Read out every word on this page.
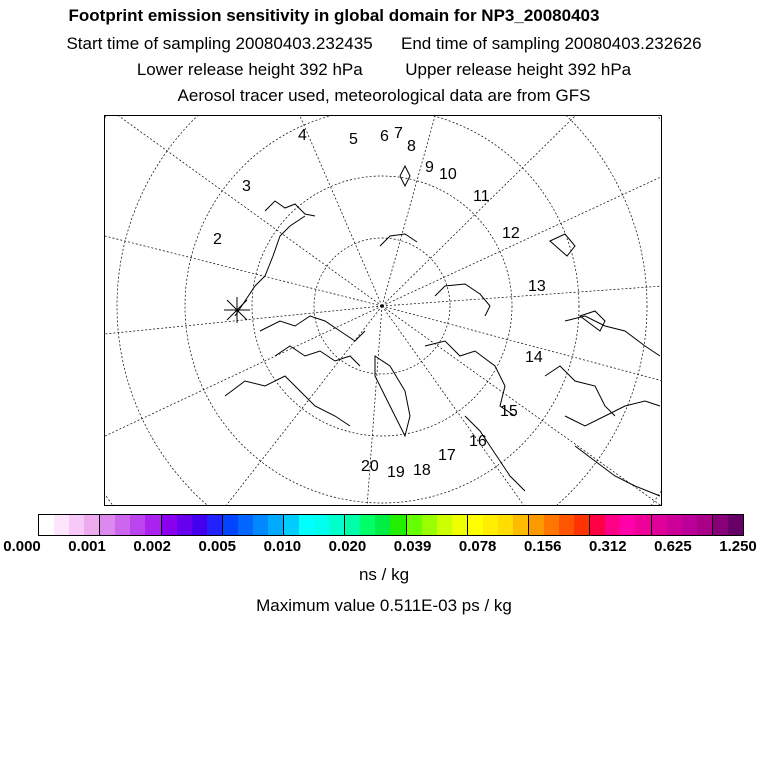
Footprint emission sensitivity in global domain for NP3_20080403
Start time of sampling 20080403.232435 End time of sampling 20080403.232626
Lower release height 392 hPa	Upper release height 392 hPa
Aerosol tracer used, meteorological data are from GFS
2
3
4	5 6 7
8
9 10
11
12
13
14
15
16
17
18
19
20
0.000 0.001 0.002 0.005 0.010 0.020 0.039 0.078 0.156 0.312 0.625 1.250
ns / kg
Maximum value 0.511E-03 ps / kg
